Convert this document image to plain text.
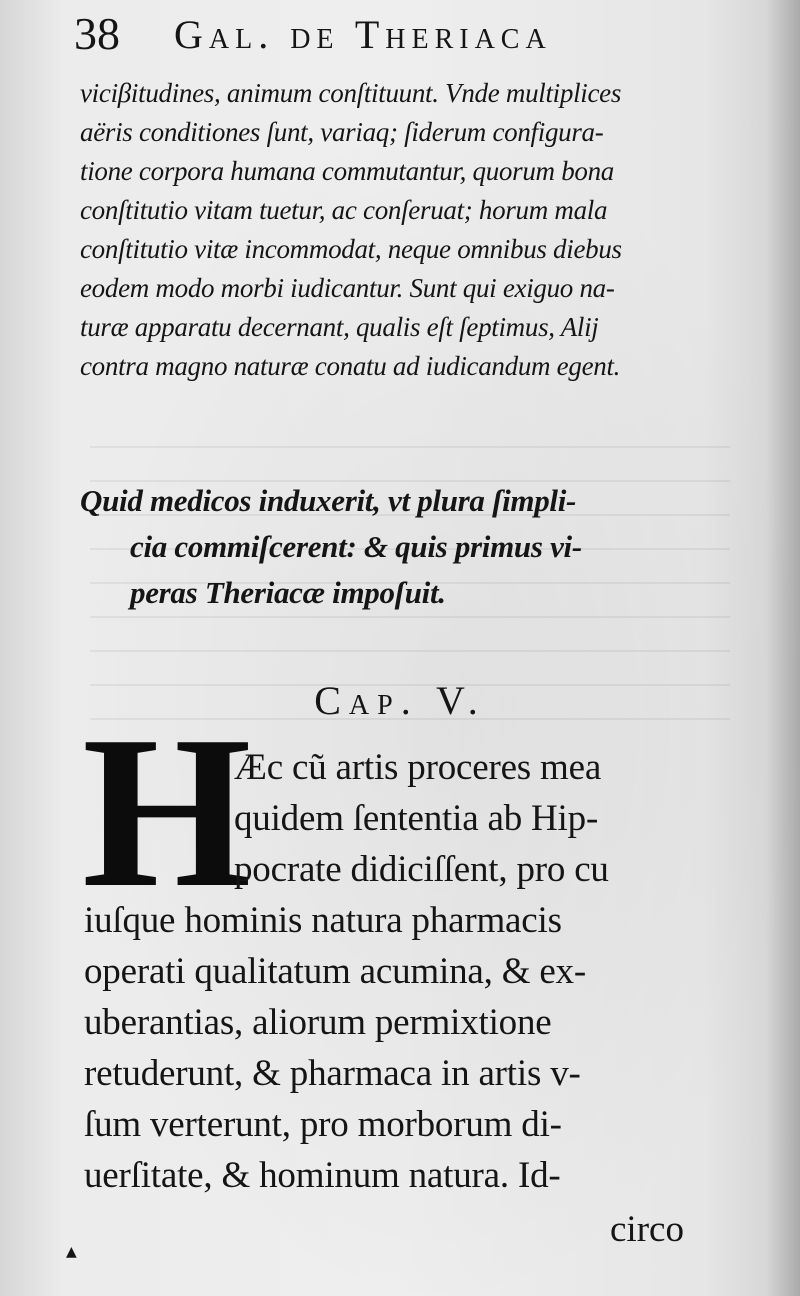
38 Gal. de Theriaca
viciβitudines, animum conſtituunt. Vnde multiplices
aëris conditiones ſunt, variaq; ſiderum configura-
tione corpora humana commutantur, quorum bona
conſtitutio vitam tuetur, ac conſeruat; horum mala
conſtitutio vitæ incommodat, neque omnibus diebus
eodem modo morbi iudicantur. Sunt qui exiguo na-
turæ apparatu decernant, qualis eſt ſeptimus, Alij
contra magno naturæ conatu ad iudicandum egent.
Quid medicos induxerit, vt plura ſimpli-
cia commiſcerent: & quis primus vi-
peras Theriacæ impoſuit.
Cap. V.
H
Æc cũ artis proceres mea
quidem ſententia ab Hip-
pocrate didiciſſent, pro cu
iuſque hominis natura pharmacis
operati qualitatum acumina, & ex-
uberantias, aliorum permixtione
retuderunt, & pharmaca in artis v-
ſum verterunt, pro morborum di-
uerſitate, & hominum natura. Id-
circo
▲
